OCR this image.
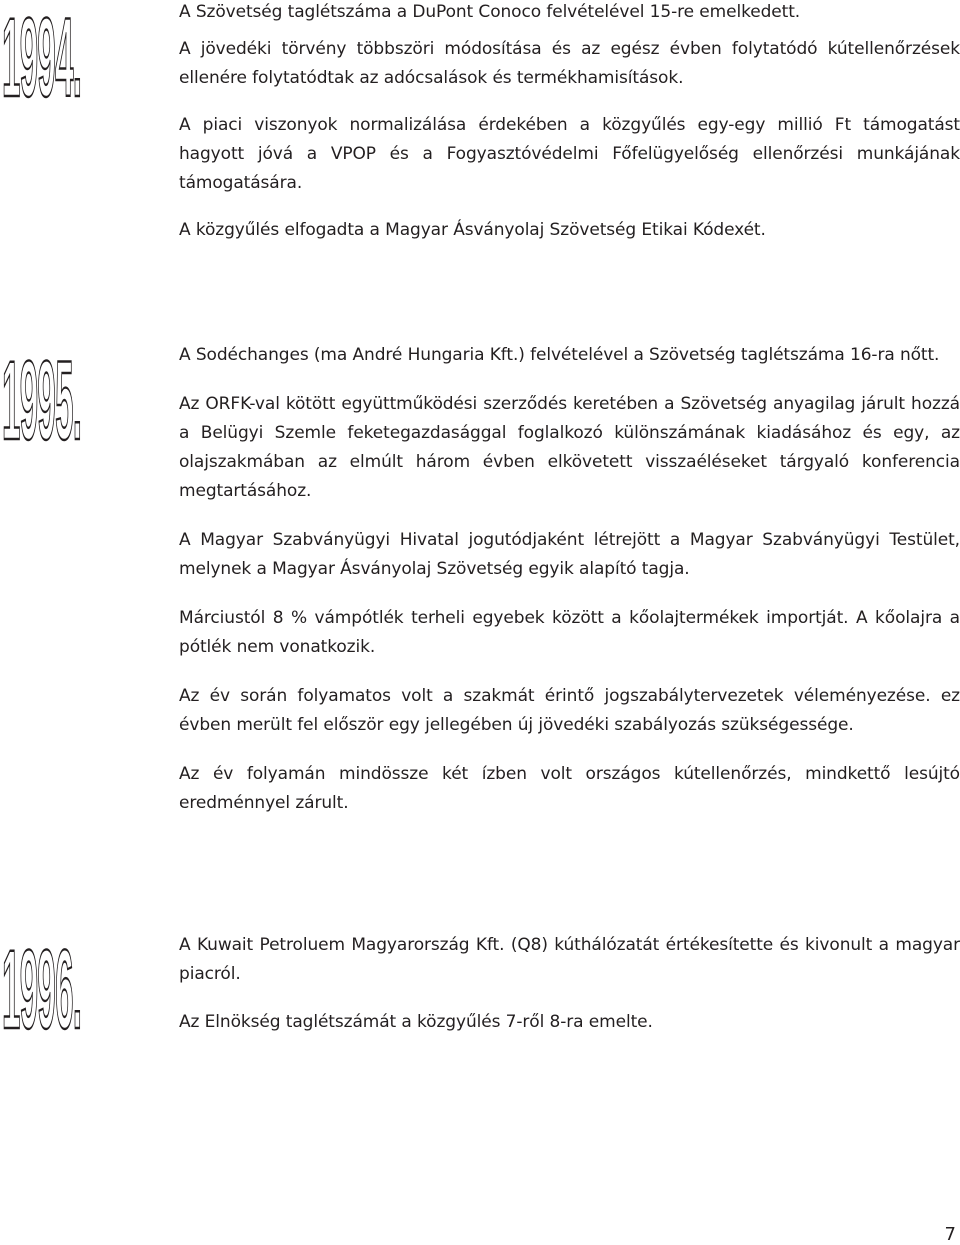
1994.	A Szövetség taglétszáma a DuPont Conoco felvételével 15-re emelkedett.

A jövedéki törvény többszöri módosítása és az egész évben folytatódó kútellenőrzések ellenére folytatódtak az adócsalások és termékhamisítások.

A piaci viszonyok normalizálása érdekében a közgyűlés egy-egy millió Ft támogatást hagyott jóvá a VPOP és a Fogyasztóvédelmi Főfelügyelőség ellenőrzési munkájának támogatására.

A közgyűlés elfogadta a Magyar Ásványolaj Szövetség Etikai Kódexét.

1995.	A Sodéchanges (ma André Hungaria Kft.) felvételével a Szövetség taglétszáma 16-ra nőtt.

Az ORFK-val kötött együttműködési szerződés keretében a Szövetség anyagilag járult hozzá a Belügyi Szemle feketegazdasággal foglalkozó különszámának kiadásához és egy, az olajszakmában az elmúlt három évben elkövetett visszaéléseket tárgyaló konferencia megtartásához.

A Magyar Szabványügyi Hivatal jogutódjaként létrejött a Magyar Szabványügyi Testület, melynek a Magyar Ásványolaj Szövetség egyik alapító tagja.

Márciustól 8 % vámpótlék terheli egyebek között a kőolajtermékek importját. A kőolajra a pótlék nem vonatkozik.

Az év során folyamatos volt a szakmát érintő jogszabálytervezetek véleményezése. ez évben merült fel először egy jellegében új jövedéki szabályozás szükségessége.

Az év folyamán mindössze két ízben volt országos kútellenőrzés, mindkettő lesújtó eredménnyel zárult.

1996.	A Kuwait Petroluem Magyarország Kft. (Q8) kúthálózatát értékesítette és kivonult a magyar piacról.

Az Elnökség taglétszámát a közgyűlés 7-ről 8-ra emelte.

7
